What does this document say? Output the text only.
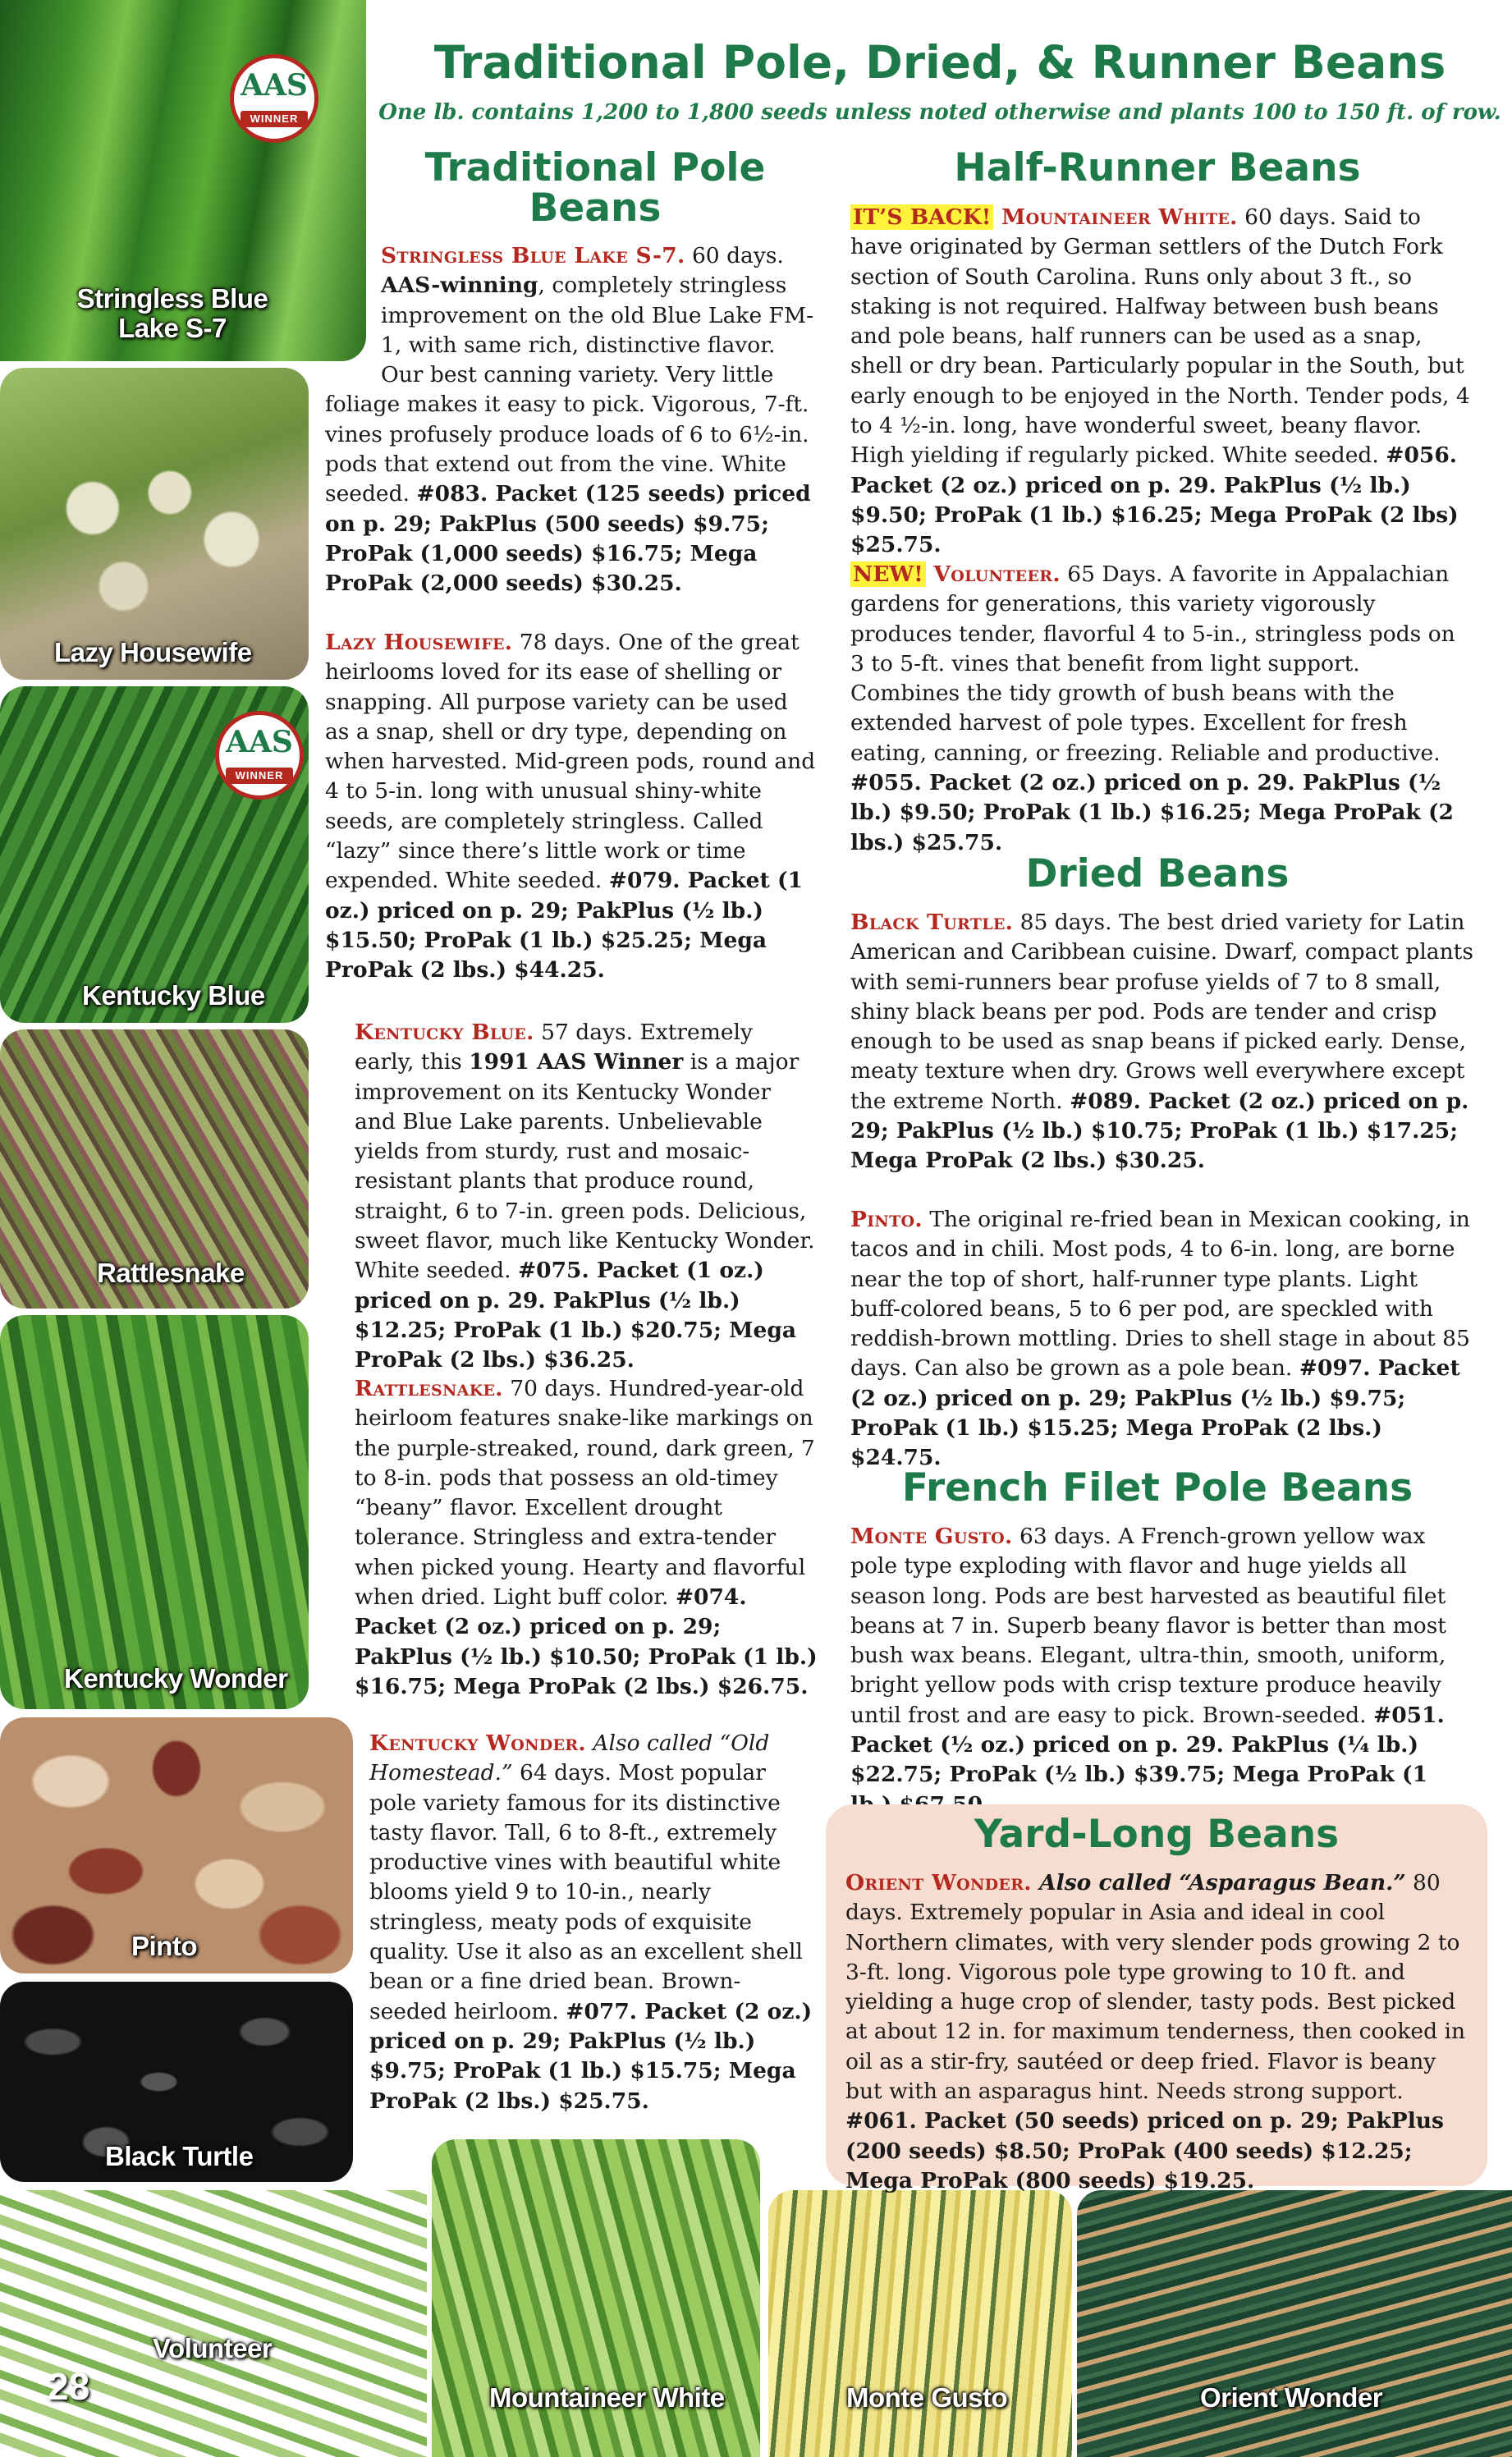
Stringless Blue Lake S-7
AAS
WINNER
Lazy Housewife
Kentucky Blue
AAS
WINNER
Rattlesnake
Kentucky Wonder
Pinto
Black Turtle
Volunteer
Mountaineer White	Monte Gusto	Orient Wonder
28
Traditional Pole, Dried, & Runner Beans
One lb. contains 1,200 to 1,800 seeds unless noted otherwise and plants 100 to 150 ft. of row.
Traditional Pole
Beans

Stringless Blue Lake S-7. 60 days. AAS-winning, completely stringless improvement on the old Blue Lake FM-1, with same rich, distinctive flavor. Our best canning variety. Very little foliage makes it easy to pick. Vigorous, 7-ft. vines profusely produce loads of 6 to 6½-in. pods that extend out from the vine. White seeded. #083. Packet (125 seeds) priced on p. 29; PakPlus (500 seeds) $9.75; ProPak (1,000 seeds) $16.75; Mega ProPak (2,000 seeds) $30.25.

Lazy Housewife. 78 days. One of the great heirlooms loved for its ease of shelling or snapping. All purpose variety can be used as a snap, shell or dry type, depending on when harvested. Mid-green pods, round and 4 to 5-in. long with unusual shiny-white seeds, are completely stringless. Called “lazy” since there’s little work or time expended. White seeded. #079. Packet (1 oz.) priced on p. 29; PakPlus (½ lb.) $15.50; ProPak (1 lb.) $25.25; Mega ProPak (2 lbs.) $44.25.

Kentucky Blue. 57 days. Extremely early, this 1991 AAS Winner is a major improvement on its Kentucky Wonder and Blue Lake parents. Unbelievable yields from sturdy, rust and mosaic-resistant plants that produce round, straight, 6 to 7-in. green pods. Delicious, sweet flavor, much like Kentucky Wonder. White seeded. #075. Packet (1 oz.) priced on p. 29. PakPlus (½ lb.) $12.25; ProPak (1 lb.) $20.75; Mega ProPak (2 lbs.) $36.25.

Rattlesnake. 70 days. Hundred-year-old heirloom features snake-like markings on the purple-streaked, round, dark green, 7 to 8-in. pods that possess an old-timey “beany” flavor. Excellent drought tolerance. Stringless and extra-tender when picked young. Hearty and flavorful when dried. Light buff color. #074. Packet (2 oz.) priced on p. 29; PakPlus (½ lb.) $10.50; ProPak (1 lb.) $16.75; Mega ProPak (2 lbs.) $26.75.

Kentucky Wonder. Also called “Old Homestead.” 64 days. Most popular pole variety famous for its distinctive tasty flavor. Tall, 6 to 8-ft., extremely productive vines with beautiful white blooms yield 9 to 10-in., nearly stringless, meaty pods of exquisite quality. Use it also as an excellent shell bean or a fine dried bean. Brown-seeded heirloom. #077. Packet (2 oz.) priced on p. 29; PakPlus (½ lb.) $9.75; ProPak (1 lb.) $15.75; Mega ProPak (2 lbs.) $25.75.

Half-Runner Beans

IT’S BACK! Mountaineer White. 60 days. Said to have originated by German settlers of the Dutch Fork section of South Carolina. Runs only about 3 ft., so staking is not required. Halfway between bush beans and pole beans, half runners can be used as a snap, shell or dry bean. Particularly popular in the South, but early enough to be enjoyed in the North. Tender pods, 4 to 4 ½-in. long, have wonderful sweet, beany flavor. High yielding if regularly picked. White seeded. #056. Packet (2 oz.) priced on p. 29. PakPlus (½ lb.) $9.50; ProPak (1 lb.) $16.25; Mega ProPak (2 lbs) $25.75.

NEW! Volunteer. 65 Days. A favorite in Appalachian gardens for generations, this variety vigorously produces tender, flavorful 4 to 5-in., stringless pods on 3 to 5-ft. vines that benefit from light support. Combines the tidy growth of bush beans with the extended harvest of pole types. Excellent for fresh eating, canning, or freezing. Reliable and productive. #055. Packet (2 oz.) priced on p. 29. PakPlus (½ lb.) $9.50; ProPak (1 lb.) $16.25; Mega ProPak (2 lbs.) $25.75.

Dried Beans

Black Turtle. 85 days. The best dried variety for Latin American and Caribbean cuisine. Dwarf, compact plants with semi-runners bear profuse yields of 7 to 8 small, shiny black beans per pod. Pods are tender and crisp enough to be used as snap beans if picked early. Dense, meaty texture when dry. Grows well everywhere except the extreme North. #089. Packet (2 oz.) priced on p. 29; PakPlus (½ lb.) $10.75; ProPak (1 lb.) $17.25; Mega ProPak (2 lbs.) $30.25.

Pinto. The original re-fried bean in Mexican cooking, in tacos and in chili. Most pods, 4 to 6-in. long, are borne near the top of short, half-runner type plants. Light buff-colored beans, 5 to 6 per pod, are speckled with reddish-brown mottling. Dries to shell stage in about 85 days. Can also be grown as a pole bean. #097. Packet (2 oz.) priced on p. 29; PakPlus (½ lb.) $9.75; ProPak (1 lb.) $15.25; Mega ProPak (2 lbs.) $24.75.

French Filet Pole Beans

Monte Gusto. 63 days. A French-grown yellow wax pole type exploding with flavor and huge yields all season long. Pods are best harvested as beautiful filet beans at 7 in. Superb beany flavor is better than most bush wax beans. Elegant, ultra-thin, smooth, uniform, bright yellow pods with crisp texture produce heavily until frost and are easy to pick. Brown-seeded. #051. Packet (½ oz.) priced on p. 29. PakPlus (¼ lb.) $22.75; ProPak (½ lb.) $39.75; Mega ProPak (1

Yard-Long Beans

Orient Wonder. Also called “Asparagus Bean.” 80 days. Extremely popular in Asia and ideal in cool Northern climates, with very slender pods growing 2 to 3-ft. long. Vigorous pole type growing to 10 ft. and yielding a huge crop of slender, tasty pods. Best picked at about 12 in. for maximum tenderness, then cooked in oil as a stir-fry, sautéed or deep fried. Flavor is beany but with an asparagus hint. Needs strong support. #061. Packet (50 seeds) priced on p. 29; PakPlus (200 seeds) $8.50; ProPak (400 seeds) $12.25; Mega ProPak (800 seeds) $19.25.
